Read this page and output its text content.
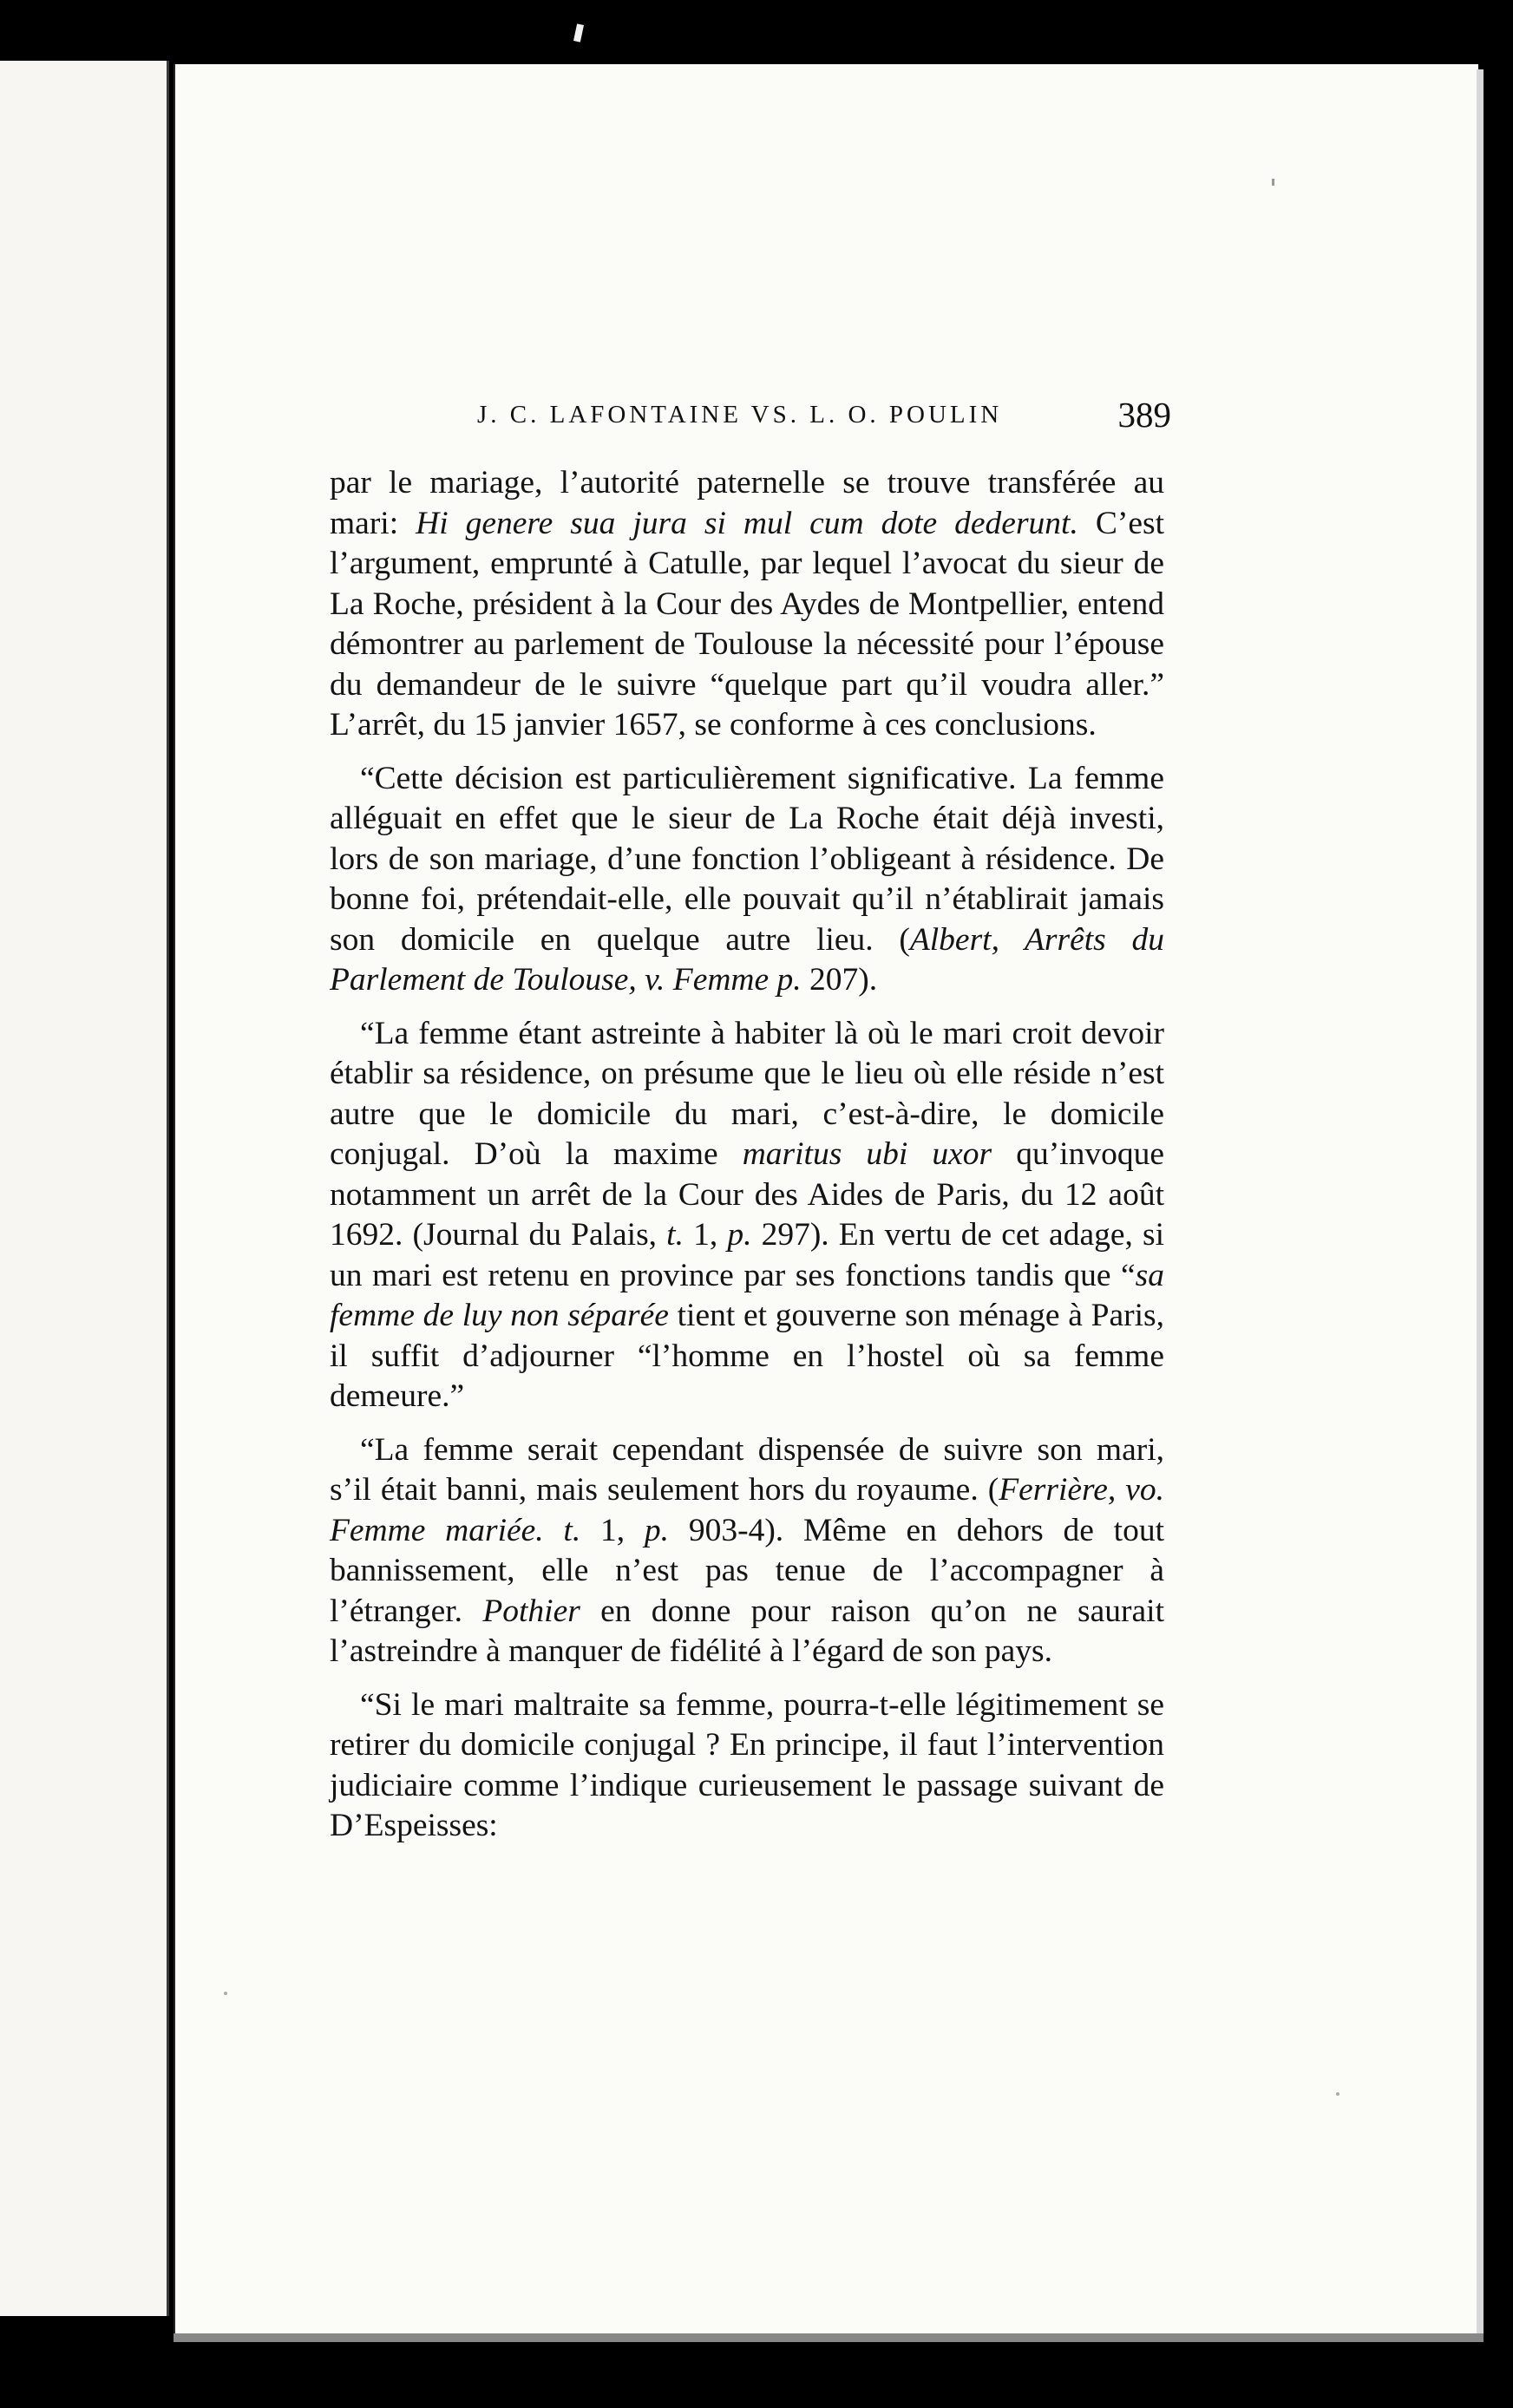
J. C. LAFONTAINE VS. L. O. POULIN	389

par le mariage, l’autorité paternelle se trouve transférée au mari: Hi genere sua jura si mul cum dote dederunt. C’est l’argument, emprunté à Catulle, par lequel l’avocat du sieur de La Roche, président à la Cour des Aydes de Montpellier, entend démontrer au parlement de Toulouse la nécessité pour l’épouse du demandeur de le suivre “quelque part qu’il voudra aller.” L’arrêt, du 15 janvier 1657, se conforme à ces conclusions.

“Cette décision est particulièrement significative. La femme alléguait en effet que le sieur de La Roche était déjà investi, lors de son mariage, d’une fonction l’obligeant à résidence. De bonne foi, prétendait-elle, elle pouvait qu’il n’établirait jamais son domicile en quelque autre lieu. (Albert, Arrêts du Parlement de Toulouse, v. Femme p. 207).

“La femme étant astreinte à habiter là où le mari croit devoir établir sa résidence, on présume que le lieu où elle réside n’est autre que le domicile du mari, c’est-à-dire, le domicile conjugal. D’où la maxime maritus ubi uxor qu’invoque notamment un arrêt de la Cour des Aides de Paris, du 12 août 1692. (Journal du Palais, t. 1, p. 297). En vertu de cet adage, si un mari est retenu en province par ses fonctions tandis que “sa femme de luy non séparée tient et gouverne son ménage à Paris, il suffit d’adjourner “l’homme en l’hostel où sa femme demeure.”

“La femme serait cependant dispensée de suivre son mari, s’il était banni, mais seulement hors du royaume. (Ferrière, vo. Femme mariée. t. 1, p. 903-4). Même en dehors de tout bannissement, elle n’est pas tenue de l’accompagner à l’étranger. Pothier en donne pour raison qu’on ne saurait l’astreindre à manquer de fidélité à l’égard de son pays.

“Si le mari maltraite sa femme, pourra-t-elle légitimement se retirer du domicile conjugal ? En principe, il faut l’intervention judiciaire comme l’indique curieusement le passage suivant de D’Espeisses:
